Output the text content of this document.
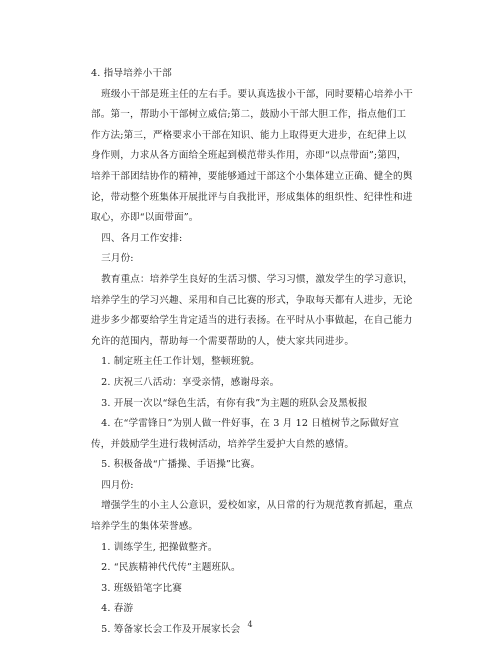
4. 指导培养小干部

班级小干部是班主任的左右手。要认真选拔小干部，同时要精心培养小干部。第一，帮助小干部树立威信;第二，鼓励小干部大胆工作，指点他们工作方法;第三，严格要求小干部在知识、能力上取得更大进步，在纪律上以身作则，力求从各方面给全班起到模范带头作用，亦即“以点带面”;第四，培养干部团结协作的精神，要能够通过干部这个小集体建立正确、健全的舆论，带动整个班集体开展批评与自我批评，形成集体的组织性、纪律性和进取心，亦即“以面带面”。

四、各月工作安排:

三月份:

教育重点：培养学生良好的生活习惯、学习习惯，激发学生的学习意识，培养学生的学习兴趣、采用和自己比赛的形式，争取每天都有人进步，无论进步多少都要给学生肯定适当的进行表扬。在平时从小事做起，在自己能力允许的范围内，帮助每一个需要帮助的人，使大家共同进步。

1. 制定班主任工作计划，整顿班貌。

2. 庆祝三八活动：享受亲情，感谢母亲。

3. 开展一次以“绿色生活，有你有我”为主题的班队会及黑板报

4. 在“学雷锋日”为别人做一件好事，在 3 月 12 日植树节之际做好宣传，并鼓励学生进行栽树活动，培养学生爱护大自然的感情。

5. 积极备战“广播操、手语操”比赛。

四月份:

增强学生的小主人公意识，爱校如家，从日常的行为规范教育抓起，重点培养学生的集体荣誉感。

1. 训练学生, 把操做整齐。

2. “民族精神代代传”主题班队。

3. 班级铅笔字比赛

4. 春游

5. 筹备家长会工作及开展家长会 4
